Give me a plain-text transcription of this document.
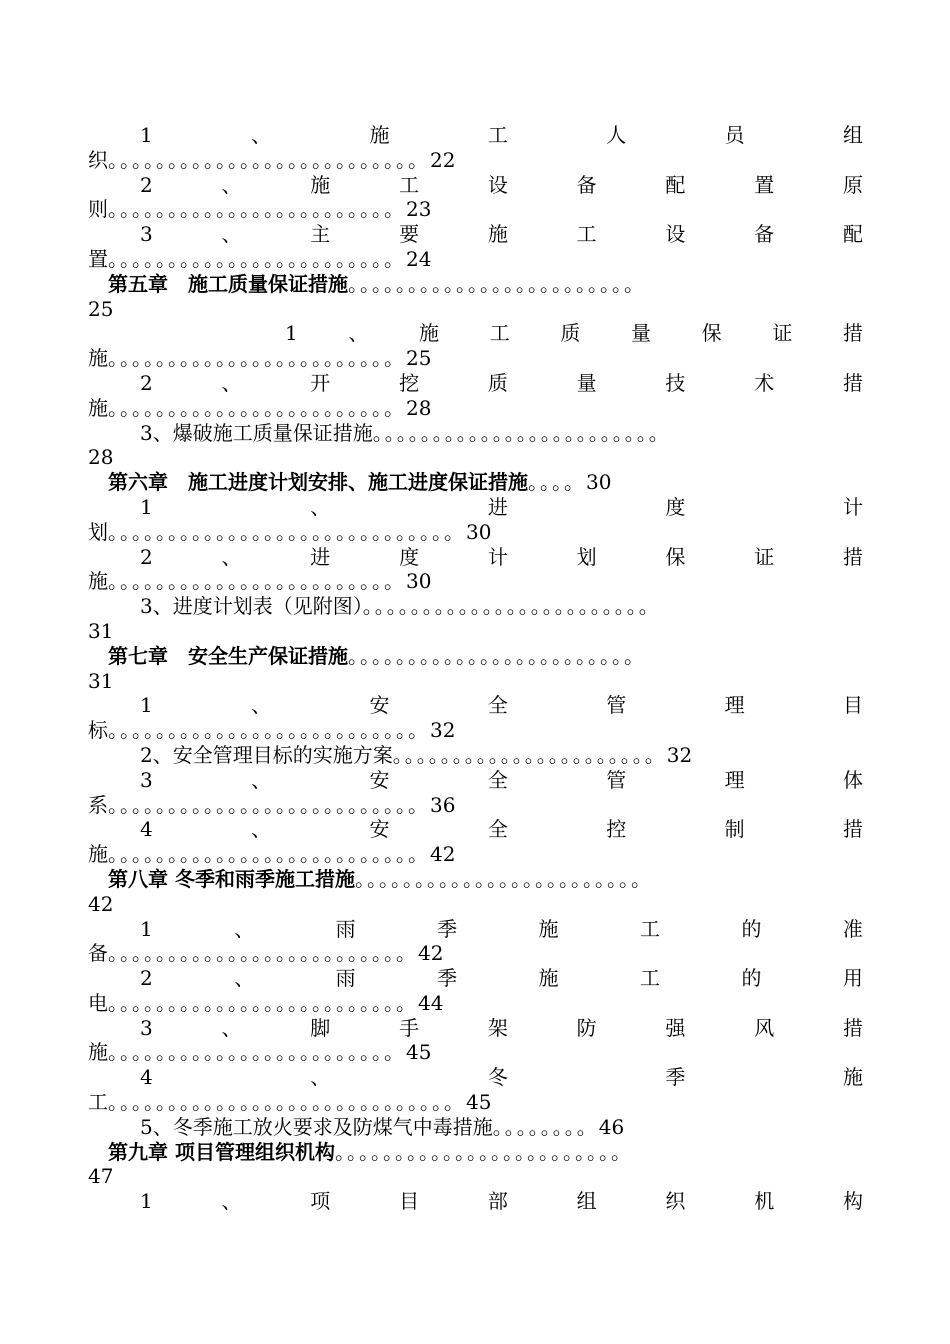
1	、	施	工	人	员	组
织。。。。。。。。。。。。。。。。。。。。。。。。。。22
2	、	施	工	设	备	配	置	原
则。。。。。。。。。。。。。。。。。。。。。。。。23
3	、	主	要	施	工	设	备	配
置。。。。。。。。。。。。。。。。。。。。。。。。24
第五章　施工质量保证措施。。。。。。。。。。。。。。。。。。。。。。。。
25
1	、	施	工	质	量	保	证	措
施。。。。。。。。。。。。。。。。。。。。。。。。25
2	、	开	挖	质	量	技	术	措
施。。。。。。。。。。。。。。。。。。。。。。。。28
3、爆破施工质量保证措施。。。。。。。。。。。。。。。。。。。。。。。。
28
第六章　施工进度计划安排、施工进度保证措施。。。。30
1	、	进	度	计
划。。。。。。。。。。。。。。。。。。。。。。。。。。。。。30
2	、	进	度	计	划	保	证	措
施。。。。。。。。。。。。。。。。。。。。。。。。30
3、进度计划表（见附图）。。。。。。。。。。。。。。。。。。。。。。。。
31
第七章　安全生产保证措施。。。。。。。。。。。。。。。。。。。。。。。。
31
1	、	安	全	管	理	目
标。。。。。。。。。。。。。。。。。。。。。。。。。。32
2、安全管理目标的实施方案。。。。。。。。。。。。。。。。。。。。。。32
3	、	安	全	管	理	体
系。。。。。。。。。。。。。。。。。。。。。。。。。。36
4	、	安	全	控	制	措
施。。。。。。。。。。。。。。。。。。。。。。。。。。42
第八章 冬季和雨季施工措施。。。。。。。。。。。。。。。。。。。。。。。。
42
1	、	雨	季	施	工	的	准
备。。。。。。。。。。。。。。。。。。。。。。。。。42
2	、	雨	季	施	工	的	用
电。。。。。。。。。。。。。。。。。。。。。。。。。44
3	、	脚	手	架	防	强	风	措
施。。。。。。。。。。。。。。。。。。。。。。。。45
4	、	冬	季	施
工。。。。。。。。。。。。。。。。。。。。。。。。。。。。。45
5、冬季施工放火要求及防煤气中毒措施。。。。。。。。46
第九章 项目管理组织机构。。。。。。。。。。。。。。。。。。。。。。。。
47
1	、	项	目	部	组	织	机	构
